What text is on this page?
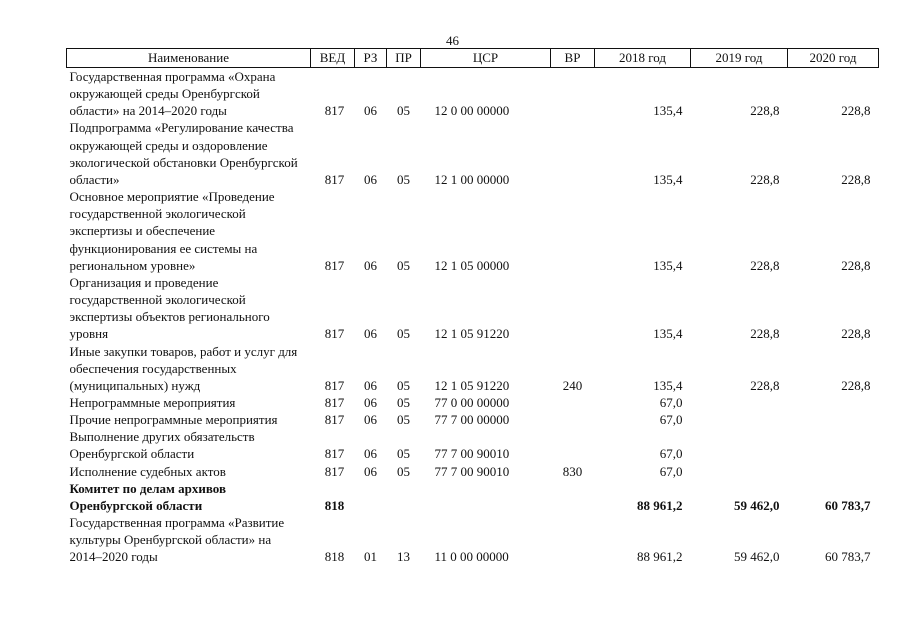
46
Наименование	ВЕД	РЗ	ПР	ЦСР	ВР	2018 год	2019 год	2020 год
Государственная программа «Охрана окружающей среды Оренбургской области» на 2014–2020 годы	817	06	05	12 0 00 00000		135,4	228,8	228,8
Подпрограмма «Регулирование качества окружающей среды и оздоровление экологической обстановки Оренбургской области»	817	06	05	12 1 00 00000		135,4	228,8	228,8
Основное мероприятие «Проведение государственной экологической экспертизы и обеспечение функционирования ее системы на региональном уровне»	817	06	05	12 1 05 00000		135,4	228,8	228,8
Организация и проведение государственной экологической экспертизы объектов регионального уровня	817	06	05	12 1 05 91220		135,4	228,8	228,8
Иные закупки товаров, работ и услуг для обеспечения государственных (муниципальных) нужд	817	06	05	12 1 05 91220	240	135,4	228,8	228,8
Непрограммные мероприятия	817	06	05	77 0 00 00000		67,0		
Прочие непрограммные мероприятия	817	06	05	77 7 00 00000		67,0		
Выполнение других обязательств Оренбургской области	817	06	05	77 7 00 90010		67,0		
Исполнение судебных актов	817	06	05	77 7 00 90010	830	67,0		
Комитет по делам архивов Оренбургской области	818					88 961,2	59 462,0	60 783,7
Государственная программа «Развитие культуры Оренбургской области» на 2014–2020 годы	818	01	13	11 0 00 00000		88 961,2	59 462,0	60 783,7
